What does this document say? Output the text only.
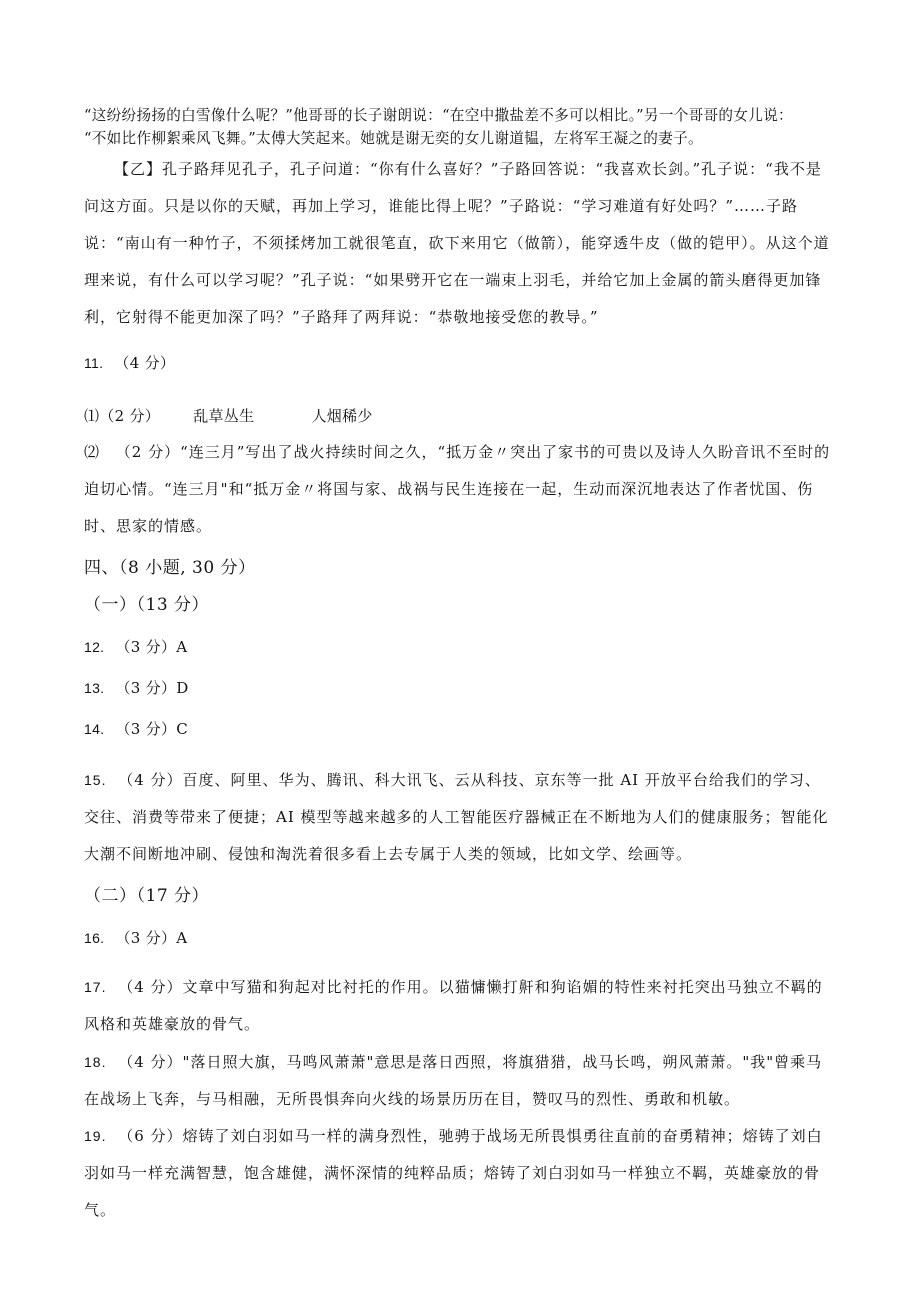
“这纷纷扬扬的白雪像什么呢？”他哥哥的长子谢朗说：“在空中撒盐差不多可以相比。”另一个哥哥的女儿说：
“不如比作柳絮乘风飞舞。”太傅大笑起来。她就是谢无奕的女儿谢道韫，左将军王凝之的妻子。
【乙】孔子路拜见孔子，孔子问道：“你有什么喜好？”子路回答说：“我喜欢长剑。”孔子说：“我不是问这方面。只是以你的天赋，再加上学习，谁能比得上呢？”子路说：“学习难道有好处吗？”……子路说：“南山有一种竹子，不须揉烤加工就很笔直，砍下来用它（做箭），能穿透牛皮（做的铠甲）。从这个道理来说，有什么可以学习呢？”孔子说：“如果劈开它在一端束上羽毛，并给它加上金属的箭头磨得更加锋利，它射得不能更加深了吗？”子路拜了两拜说：“恭敬地接受您的教导。”
11. （4 分）
⑴（2 分） 乱草丛生	人烟稀少
⑵ （2 分）“连三月”写出了战火持续时间之久，“抵万金〃突出了家书的可贵以及诗人久盼音讯不至时的迫切心情。“连三月"和“抵万金〃将国与家、战祸与民生连接在一起，生动而深沉地表达了作者忧国、伤时、思家的情感。
四、（8 小题, 30 分）
（一）（13 分）
12. （3 分）A
13. （3 分）D
14. （3 分）C
15. （4 分）百度、阿里、华为、腾讯、科大讯飞、云从科技、京东等一批 AI 开放平台给我们的学习、交往、消费等带来了便捷；AI 模型等越来越多的人工智能医疗器械正在不断地为人们的健康服务；智能化大潮不间断地冲刷、侵蚀和淘洗着很多看上去专属于人类的领域，比如文学、绘画等。
（二）（17 分）
16. （3 分）A
17. （4 分）文章中写猫和狗起对比衬托的作用。以猫慵懒打鼾和狗谄媚的特性来衬托突出马独立不羁的风格和英雄豪放的骨气。
18. （4 分）"落日照大旗，马鸣风萧萧"意思是落日西照，将旗猎猎，战马长鸣，朔风萧萧。"我"曾乘马在战场上飞奔，与马相融，无所畏惧奔向火线的场景历历在目，赞叹马的烈性、勇敢和机敏。
19. （6 分）熔铸了刘白羽如马一样的满身烈性，驰骋于战场无所畏惧勇往直前的奋勇精神；熔铸了刘白羽如马一样充满智慧，饱含雄健，满怀深情的纯粹品质；熔铸了刘白羽如马一样独立不羁，英雄豪放的骨气。
